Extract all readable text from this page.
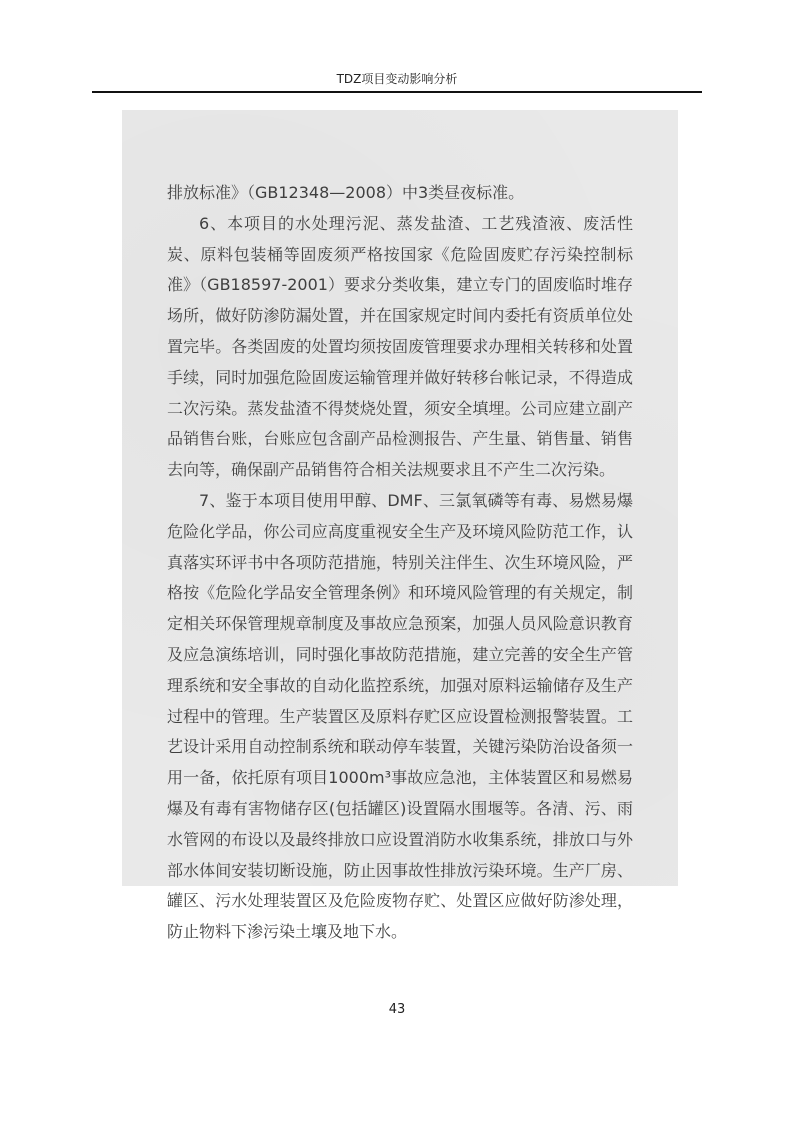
TDZ项目变动影响分析

排放标准》（GB12348—2008）中3类昼夜标准。

6、本项目的水处理污泥、蒸发盐渣、工艺残渣液、废活性炭、原料包装桶等固废须严格按国家《危险固废贮存污染控制标准》（GB18597-2001）要求分类收集，建立专门的固废临时堆存场所，做好防渗防漏处置，并在国家规定时间内委托有资质单位处置完毕。各类固废的处置均须按固废管理要求办理相关转移和处置手续，同时加强危险固废运输管理并做好转移台帐记录，不得造成二次污染。蒸发盐渣不得焚烧处置，须安全填埋。公司应建立副产品销售台账，台账应包含副产品检测报告、产生量、销售量、销售去向等，确保副产品销售符合相关法规要求且不产生二次污染。

7、鉴于本项目使用甲醇、DMF、三氯氧磷等有毒、易燃易爆危险化学品，你公司应高度重视安全生产及环境风险防范工作，认真落实环评书中各项防范措施，特别关注伴生、次生环境风险，严格按《危险化学品安全管理条例》和环境风险管理的有关规定，制定相关环保管理规章制度及事故应急预案，加强人员风险意识教育及应急演练培训，同时强化事故防范措施，建立完善的安全生产管理系统和安全事故的自动化监控系统，加强对原料运输储存及生产过程中的管理。生产装置区及原料存贮区应设置检测报警装置。工艺设计采用自动控制系统和联动停车装置，关键污染防治设备须一用一备，依托原有项目1000m³事故应急池，主体装置区和易燃易爆及有毒有害物储存区(包括罐区)设置隔水围堰等。各清、污、雨水管网的布设以及最终排放口应设置消防水收集系统，排放口与外部水体间安装切断设施，防止因事故性排放污染环境。生产厂房、罐区、污水处理装置区及危险废物存贮、处置区应做好防渗处理，防止物料下渗污染土壤及地下水。

43
